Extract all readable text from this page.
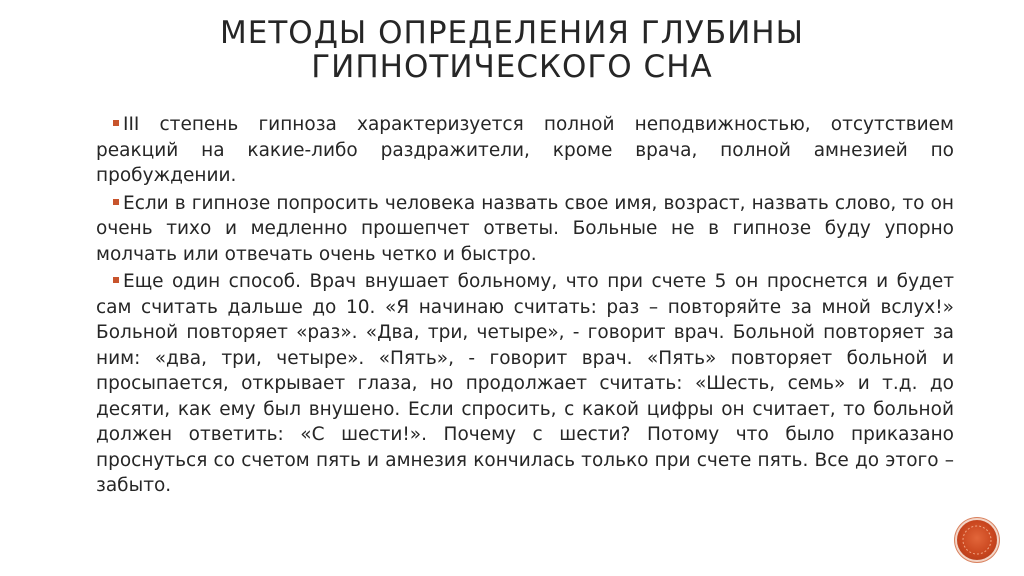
МЕТОДЫ ОПРЕДЕЛЕНИЯ ГЛУБИНЫ
ГИПНОТИЧЕСКОГО СНА
III степень гипноза характеризуется полной неподвижностью, отсутствием реакций на какие-либо раздражители, кроме врача, полной амнезией по пробуждении.
Если в гипнозе попросить человека назвать свое имя, возраст, назвать слово, то он очень тихо и медленно прошепчет ответы. Больные не в гипнозе буду упорно молчать или отвечать очень четко и быстро.
Еще один способ. Врач внушает больному, что при счете 5 он проснется и будет сам считать дальше до 10. «Я начинаю считать: раз – повторяйте за мной вслух!» Больной повторяет «раз». «Два, три, четыре», - говорит врач. Больной повторяет за ним: «два, три, четыре». «Пять», - говорит врач. «Пять» повторяет больной и просыпается, открывает глаза, но продолжает считать: «Шесть, семь» и т.д. до десяти, как ему был внушено. Если спросить, с какой цифры он считает, то больной должен ответить: «С шести!». Почему с шести? Потому что было приказано проснуться со счетом пять и амнезия кончилась только при счете пять. Все до этого – забыто.
